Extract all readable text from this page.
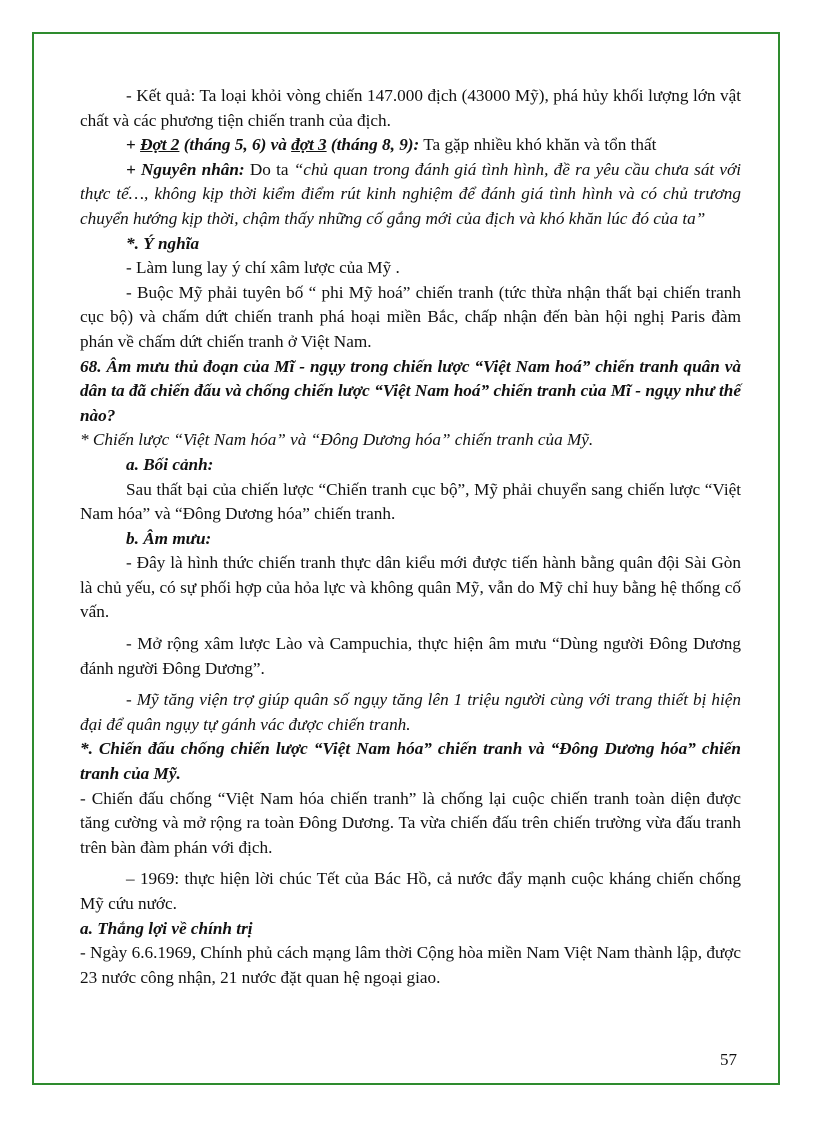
- Kết quả: Ta loại khỏi vòng chiến 147.000 địch (43000 Mỹ), phá hủy khối lượng lớn vật chất và các phương tiện chiến tranh của địch.

+ Đợt 2 (tháng 5, 6) và đợt 3 (tháng 8, 9): Ta gặp nhiều khó khăn và tổn thất

+ Nguyên nhân: Do ta “chủ quan trong đánh giá tình hình, đề ra yêu cầu chưa sát với thực tế…, không kịp thời kiểm điểm rút kinh nghiệm để đánh giá tình hình và có chủ trương chuyển hướng kịp thời, chậm thấy những cố gắng mới của địch và khó khăn lúc đó của ta”

*. Ý nghĩa

- Làm lung lay ý chí xâm lược của Mỹ .

- Buộc Mỹ phải tuyên bố “ phi Mỹ hoá” chiến tranh (tức thừa nhận thất bại chiến tranh cục bộ) và chấm dứt chiến tranh phá hoại miền Bắc, chấp nhận đến bàn hội nghị Paris đàm phán về chấm dứt chiến tranh ở Việt Nam.

68. Âm mưu thủ đoạn của Mĩ - ngụy trong chiến lược “Việt Nam hoá” chiến tranh quân và dân ta đã chiến đấu và chống chiến lược “Việt Nam hoá” chiến tranh của Mĩ - ngụy như thế nào?

* Chiến lược “Việt Nam hóa” và “Đông Dương hóa” chiến tranh của Mỹ.

a. Bối cảnh:

Sau thất bại của chiến lược “Chiến tranh cục bộ”, Mỹ phải chuyển sang chiến lược “Việt Nam hóa” và “Đông Dương hóa” chiến tranh.

b. Âm mưu:

- Đây là hình thức chiến tranh thực dân kiểu mới được tiến hành bằng quân đội Sài Gòn là chủ yếu, có sự phối hợp của hỏa lực và không quân Mỹ, vẫn do Mỹ chỉ huy bằng hệ thống cố vấn.

- Mở rộng xâm lược Lào và Campuchia, thực hiện âm mưu “Dùng người Đông Dương đánh người Đông Dương”.

- Mỹ tăng viện trợ giúp quân số ngụy tăng lên 1 triệu người cùng với trang thiết bị hiện đại để quân ngụy tự gánh vác được chiến tranh.

*. Chiến đấu chống chiến lược “Việt Nam hóa” chiến tranh và “Đông Dương hóa” chiến tranh của Mỹ.

- Chiến đấu chống “Việt Nam hóa chiến tranh” là chống lại cuộc chiến tranh toàn diện được tăng cường và mở rộng ra toàn Đông Dương. Ta vừa chiến đấu trên chiến trường vừa đấu tranh trên bàn đàm phán với địch.

– 1969: thực hiện lời chúc Tết của Bác Hồ, cả nước đẩy mạnh cuộc kháng chiến chống Mỹ cứu nước.

a. Thắng lợi về chính trị

- Ngày 6.6.1969, Chính phủ cách mạng lâm thời Cộng hòa miền Nam Việt Nam thành lập, được 23 nước công nhận, 21 nước đặt quan hệ ngoại giao.

57
